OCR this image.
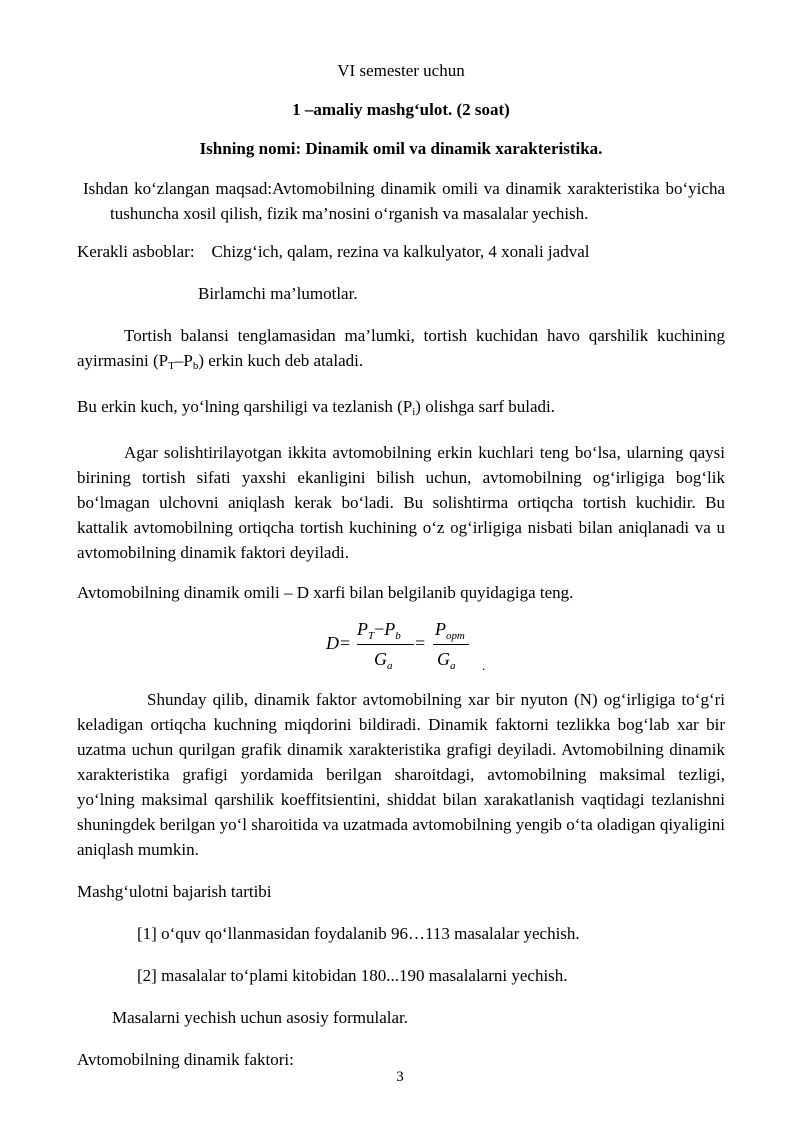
VI semester uchun

1 –amaliy mashg‘ulot. (2 soat)

Ishning nomi: Dinamik omil va dinamik xarakteristika.

Ishdan ko‘zlangan maqsad:Avtomobilning dinamik omili va dinamik xarakteristika bo‘yicha tushuncha xosil qilish, fizik ma’nosini o‘rganish va masalalar yechish.

Kerakli asboblar: Chizg‘ich, qalam, rezina va kalkulyator, 4 xonali jadval

Birlamchi ma’lumotlar.

Tortish balansi tenglamasidan ma’lumki, tortish kuchidan havo qarshilik kuchining ayirmasini (PT–Pb) erkin kuch deb ataladi.

Bu erkin kuch, yo‘lning qarshiligi va tezlanish (Pi) olishga sarf buladi.

Agar solishtirilayotgan ikkita avtomobilning erkin kuchlari teng bo‘lsa, ularning qaysi birining tortish sifati yaxshi ekanligini bilish uchun, avtomobilning og‘irligiga bog‘lik bo‘lmagan ulchovni aniqlash kerak bo‘ladi. Bu solishtirma ortiqcha tortish kuchidir. Bu kattalik avtomobilning ortiqcha tortish kuchining o‘z og‘irligiga nisbati bilan aniqlanadi va u avtomobilning dinamik faktori deyiladi.

Avtomobilning dinamik omili – D xarfi bilan belgilanib quyidagiga teng.

D =
$P_T-P_b$
$G_a$
=
$P_{орт}$
$G_a$ .

Shunday qilib, dinamik faktor avtomobilning xar bir nyuton (N) og‘irligiga to‘g‘ri keladigan ortiqcha kuchning miqdorini bildiradi. Dinamik faktorni tezlikka bog‘lab xar bir uzatma uchun qurilgan grafik dinamik xarakteristika grafigi deyiladi. Avtomobilning dinamik xarakteristika grafigi yordamida berilgan sharoitdagi, avtomobilning maksimal tezligi, yo‘lning maksimal qarshilik koeffitsientini, shiddat bilan xarakatlanish vaqtidagi tezlanishni shuningdek berilgan yo‘l sharoitida va uzatmada avtomobilning yengib o‘ta oladigan qiyaligini aniqlash mumkin.

Mashg‘ulotni bajarish tartibi

[1] o‘quv qo‘llanmasidan foydalanib 96…113 masalalar yechish.

[2] masalalar to‘plami kitobidan 180...190 masalalarni yechish.

Masalarni yechish uchun asosiy formulalar.

Avtomobilning dinamik faktori:

3
